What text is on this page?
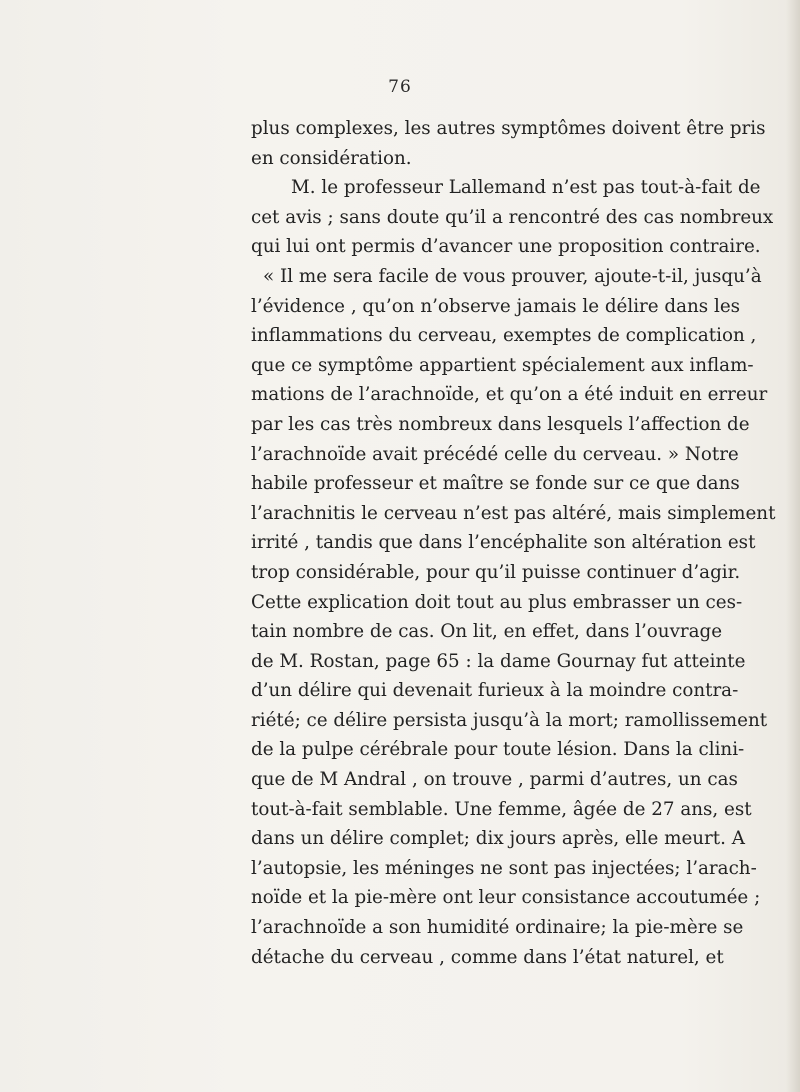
76
plus complexes, les autres symptômes doivent être pris
en considération.
M. le professeur Lallemand n’est pas tout-à-fait de
cet avis ; sans doute qu’il a rencontré des cas nombreux
qui lui ont permis d’avancer une proposition contraire.
« Il me sera facile de vous prouver, ajoute-t-il, jusqu’à
l’évidence , qu’on n’observe jamais le délire dans les
inflammations du cerveau, exemptes de complication ,
que ce symptôme appartient spécialement aux inflam-
mations de l’arachnoïde, et qu’on a été induit en erreur
par les cas très nombreux dans lesquels l’affection de
l’arachnoïde avait précédé celle du cerveau. » Notre
habile professeur et maître se fonde sur ce que dans
l’arachnitis le cerveau n’est pas altéré, mais simplement
irrité , tandis que dans l’encéphalite son altération est
trop considérable, pour qu’il puisse continuer d’agir.
Cette explication doit tout au plus embrasser un ces-
tain nombre de cas. On lit, en effet, dans l’ouvrage
de M. Rostan, page 65 : la dame Gournay fut atteinte
d’un délire qui devenait furieux à la moindre contra-
riété; ce délire persista jusqu’à la mort; ramollissement
de la pulpe cérébrale pour toute lésion. Dans la clini-
que de M Andral , on trouve , parmi d’autres, un cas
tout-à-fait semblable. Une femme, âgée de 27 ans, est
dans un délire complet; dix jours après, elle meurt. A
l’autopsie, les méninges ne sont pas injectées; l’arach-
noïde et la pie-mère ont leur consistance accoutumée ;
l’arachnoïde a son humidité ordinaire; la pie-mère se
détache du cerveau , comme dans l’état naturel, et
